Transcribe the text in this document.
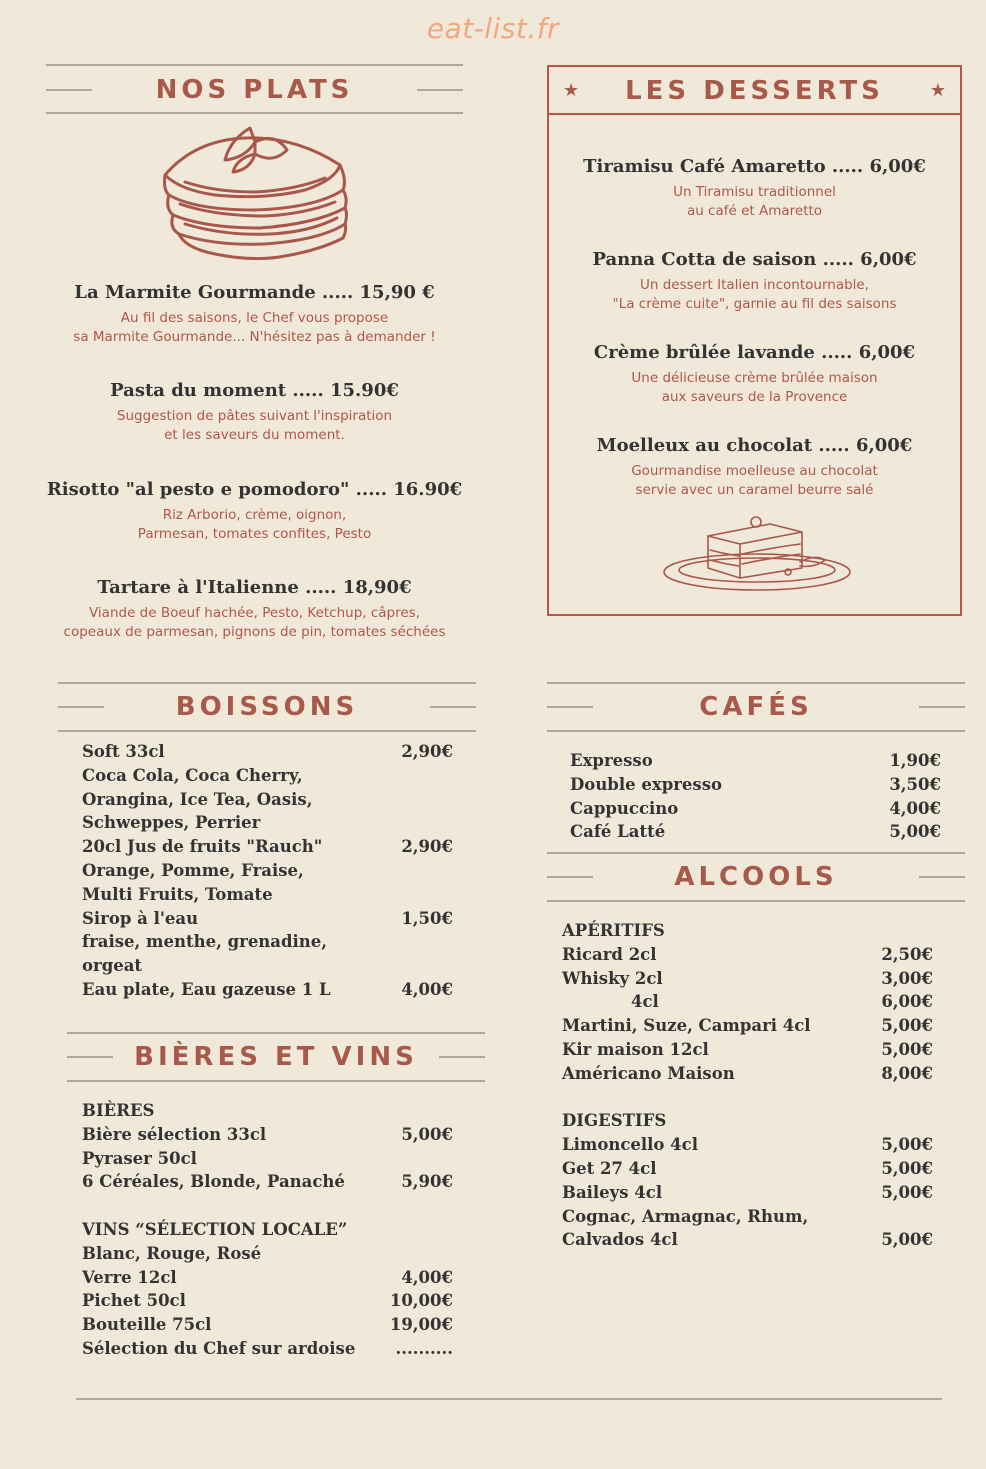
eat-list.fr
NOS PLATS
La Marmite Gourmande ..... 15,90 €
Au fil des saisons, le Chef vous propose
sa Marmite Gourmande... N'hésitez pas à demander !
Pasta du moment ..... 15.90€
Suggestion de pâtes suivant l'inspiration
et les saveurs du moment.
Risotto "al pesto e pomodoro" ..... 16.90€
Riz Arborio, crème, oignon,
Parmesan, tomates confites, Pesto
Tartare à l'Italienne ..... 18,90€
Viande de Boeuf hachée, Pesto, Ketchup, câpres,
copeaux de parmesan, pignons de pin, tomates séchées
★	★
LES DESSERTS
Tiramisu Café Amaretto ..... 6,00€
Un Tiramisu traditionnel
au café et Amaretto
Panna Cotta de saison ..... 6,00€
Un dessert Italien incontournable,
"La crème cuite", garnie au fil des saisons
Crème brûlée lavande ..... 6,00€
Une délicieuse crème brûlée maison
aux saveurs de la Provence
Moelleux au chocolat ..... 6,00€
Gourmandise moelleuse au chocolat
servie avec un caramel beurre salé
BOISSONS
Soft 33cl	2,90€
Coca Cola, Coca Cherry,
Orangina, Ice Tea, Oasis,
Schweppes, Perrier
20cl Jus de fruits "Rauch"	2,90€
Orange, Pomme, Fraise,
Multi Fruits, Tomate
Sirop à l'eau	1,50€
fraise, menthe, grenadine,
orgeat
Eau plate, Eau gazeuse 1 L	4,00€
BIÈRES ET VINS
BIÈRES
Bière sélection 33cl	5,00€
Pyraser 50cl
6 Céréales, Blonde, Panaché	5,90€
VINS “SÉLECTION LOCALE”
Blanc, Rouge, Rosé
Verre 12cl	4,00€
Pichet 50cl	10,00€
Bouteille 75cl	19,00€
Sélection du Chef sur ardoise ..........
CAFÉS
Expresso	1,90€
Double expresso	3,50€
Cappuccino	4,00€
Café Latté	5,00€
ALCOOLS
APÉRITIFS
Ricard 2cl	2,50€
Whisky 2cl	3,00€
4cl	6,00€
Martini, Suze, Campari 4cl	5,00€
Kir maison 12cl	5,00€
Américano Maison	8,00€
DIGESTIFS
Limoncello 4cl	5,00€
Get 27 4cl	5,00€
Baileys 4cl	5,00€
Cognac, Armagnac, Rhum,
Calvados 4cl	5,00€
